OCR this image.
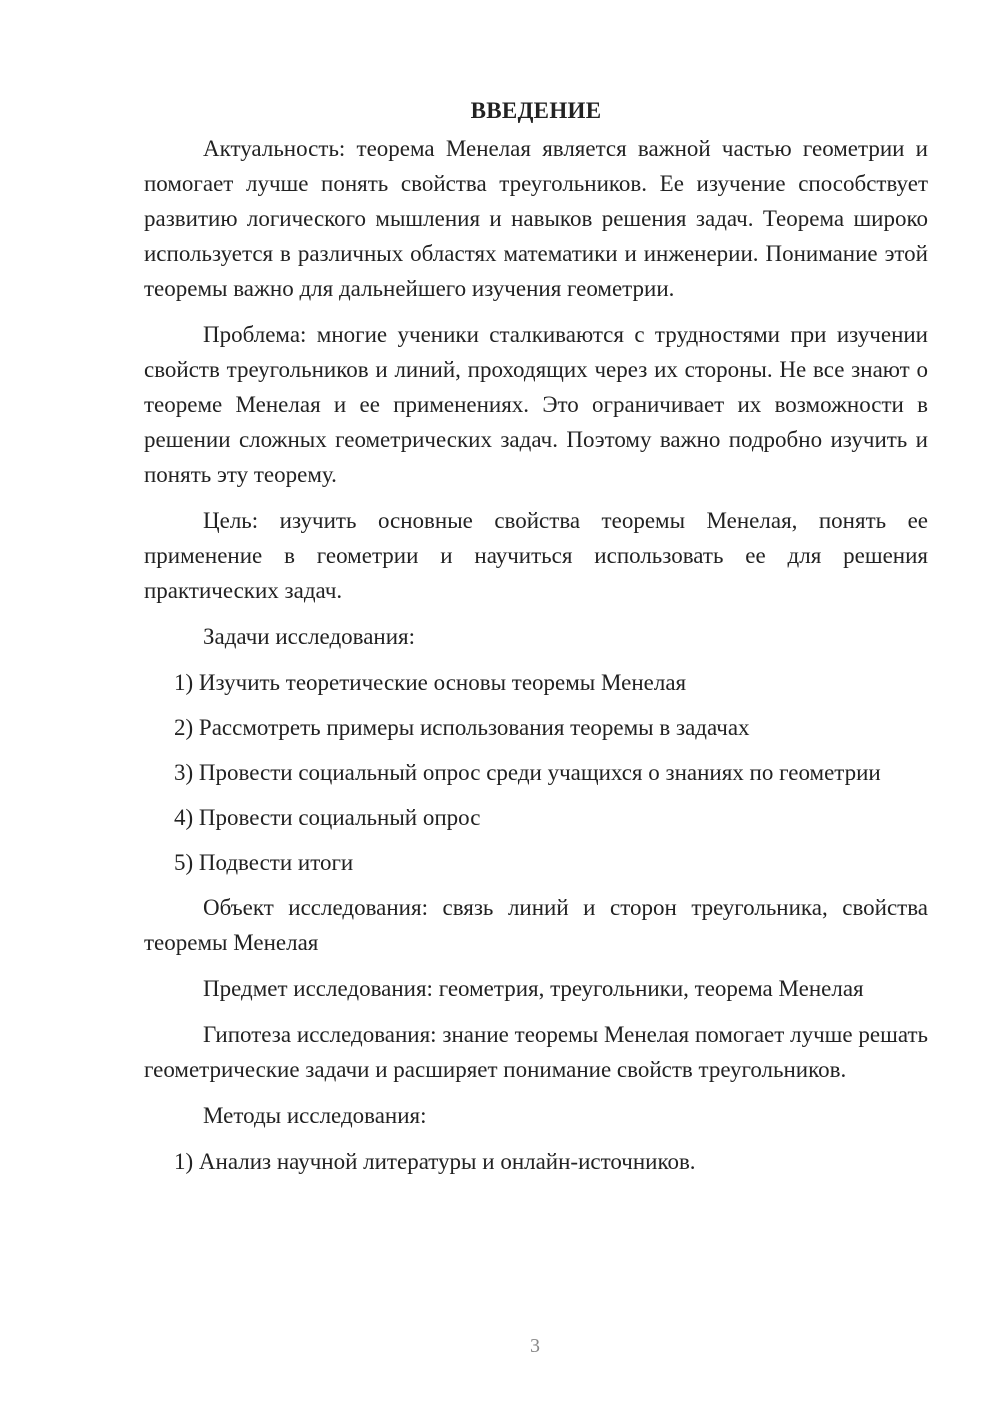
ВВЕДЕНИЕ

Актуальность: теорема Менелая является важной частью геометрии и помогает лучше понять свойства треугольников. Ее изучение способствует развитию логического мышления и навыков решения задач. Теорема широко используется в различных областях математики и инженерии. Понимание этой теоремы важно для дальнейшего изучения геометрии.

Проблема: многие ученики сталкиваются с трудностями при изучении свойств треугольников и линий, проходящих через их стороны. Не все знают о теореме Менелая и ее применениях. Это ограничивает их возможности в решении сложных геометрических задач. Поэтому важно подробно изучить и понять эту теорему.

Цель: изучить основные свойства теоремы Менелая, понять ее применение в геометрии и научиться использовать ее для решения практических задач.

Задачи исследования:

1) Изучить теоретические основы теоремы Менелая

2) Рассмотреть примеры использования теоремы в задачах

3) Провести социальный опрос среди учащихся о знаниях по геометрии

4) Провести социальный опрос

5) Подвести итоги

Объект исследования: связь линий и сторон треугольника, свойства теоремы Менелая

Предмет исследования: геометрия, треугольники, теорема Менелая

Гипотеза исследования: знание теоремы Менелая помогает лучше решать геометрические задачи и расширяет понимание свойств треугольников.

Методы исследования:

1) Анализ научной литературы и онлайн-источников.

3
